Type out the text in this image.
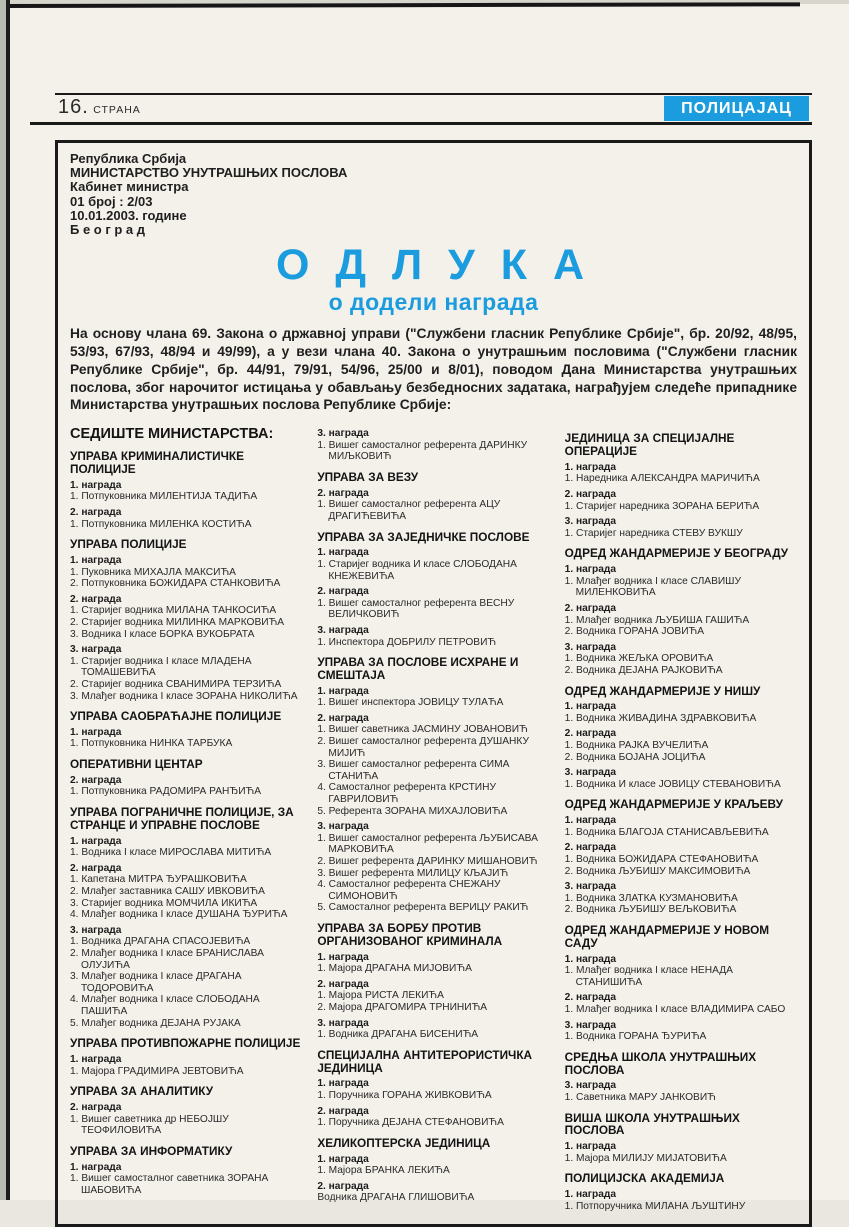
16. СТРАНА	ПОЛИЦАЈАЦ
Република Србија
МИНИСТАРСТВО УНУТРАШЊИХ ПОСЛОВА
Кабинет министра
01 број : 2/03
10.01.2003. године
Б е о г р а д
О Д Л У К А
о додели награда
На основу члана 69. Закона о државној управи ("Службени гласник Републике Србије", бр. 20/92, 48/95, 53/93, 67/93, 48/94 и 49/99), а у вези члана 40. Закона о унутрашњим пословима ("Службени гласник Републике Србије", бр. 44/91, 79/91, 54/96, 25/00 и 8/01), поводом Дана Министарства унутрашњих послова, због нарочитог истицања у обављању безбедносних задатака, награђујем следеће припаднике Министарства унутрашњих послова Републике Србије:
СЕДИШТЕ МИНИСТАРСТВА:
УПРАВА КРИМИНАЛИСТИЧКЕ ПОЛИЦИЈЕ
1. награда
1. Потпуковника МИЛЕНТИЈА ТАДИЋА
2. награда
1. Потпуковника МИЛЕНКА КОСТИЋА
УПРАВА ПОЛИЦИЈЕ
1. награда
1. Пуковника МИХАЈЛА МАКСИЋА
2. Потпуковника БОЖИДАРА СТАНКОВИЋА
2. награда
1. Старијег водника МИЛАНА ТАНКОСИЋА
2. Старијег водника МИЛИНКА МАРКОВИЋА
3. Водника I класе БОРКА ВУКОБРАТА
3. награда
1. Старијег водника I класе МЛАДЕНА ТОМАШЕВИЋА
2. Старијег водника СВАНИМИРА ТЕРЗИЋА
3. Млађег водника I класе ЗОРАНА НИКОЛИЋА
УПРАВА САОБРАЋАЈНЕ ПОЛИЦИЈЕ
1. награда
1. Потпуковника НИНКА ТАРБУКА
ОПЕРАТИВНИ ЦЕНТАР
2. награда
1. Потпуковника РАДОМИРА РАНЂИЋА
УПРАВА ПОГРАНИЧНЕ ПОЛИЦИЈЕ, ЗА СТРАНЦЕ И УПРАВНЕ ПОСЛОВЕ
1. награда
1. Водника I класе МИРОСЛАВА МИТИЋА
2. награда
1. Капетана МИТРА ЂУРАШКОВИЋА
2. Млађег заставника САШУ ИВКОВИЋА
3. Старијег водника МОМЧИЛА ИКИЋА
4. Млађег водника I класе ДУШАНА ЂУРИЋА
3. награда
1. Водника ДРАГАНА СПАСОЈЕВИЋА
2. Млађег водника I класе БРАНИСЛАВА ОЛУЈИЋА
3. Млађег водника I класе ДРАГАНА ТОДОРОВИЋА
4. Млађег водника I класе СЛОБОДАНА ПАШИЋА
5. Млађег водника ДЕЈАНА РУЈАКА
УПРАВА ПРОТИВПОЖАРНЕ ПОЛИЦИЈЕ
1. награда
1. Мајора ГРАДИМИРА ЈЕВТОВИЋА
УПРАВА ЗА АНАЛИТИКУ
2. награда
1. Вишег саветника др НЕБОЈШУ ТЕОФИЛОВИЋА
УПРАВА ЗА ИНФОРМАТИКУ
1. награда
1. Вишег самосталног саветника ЗОРАНА ШАБОВИЋА
3. награда
1. Вишег самосталног референта ДАРИНКУ МИЉКОВИЋ
УПРАВА ЗА ВЕЗУ
2. награда
1. Вишег самосталног референта АЦУ ДРАГИЋЕВИЋА
УПРАВА ЗА ЗАЈЕДНИЧКЕ ПОСЛОВЕ
1. награда
1. Старијег водника И класе СЛОБОДАНА КНЕЖЕВИЋА
2. награда
1. Вишег самосталног референта ВЕСНУ ВЕЛИЧКОВИЋ
3. награда
1. Инспектора ДОБРИЛУ ПЕТРОВИЋ
УПРАВА ЗА ПОСЛОВЕ ИСХРАНЕ И СМЕШТАЈА
1. награда
1. Вишег инспектора ЈОВИЦУ ТУЛАЋА
2. награда
1. Вишег саветника ЈАСМИНУ ЈОВАНОВИЋ
2. Вишег самосталног референта ДУШАНКУ МИЈИЋ
3. Вишег самосталног референта СИМА СТАНИЋА
4. Самосталног референта КРСТИНУ ГАВРИЛОВИЋ
5. Референта ЗОРАНА МИХАЈЛОВИЋА
3. награда
1. Вишег самосталног референта ЉУБИСАВА МАРКОВИЋА
2. Вишег референта ДАРИНКУ МИШАНОВИЋ
3. Вишег референта МИЛИЦУ КЉАЈИЋ
4. Самосталног референта СНЕЖАНУ СИМОНОВИЋ
5. Самосталног референта ВЕРИЦУ РАКИЋ
УПРАВА ЗА БОРБУ ПРОТИВ ОРГАНИЗОВАНОГ КРИМИНАЛА
1. награда
1. Мајора ДРАГАНА МИЈОВИЋА
2. награда
1. Мајора РИСТА ЛЕКИЋА
2. Мајора ДРАГОМИРА ТРНИНИЋА
3. награда
1. Водника ДРАГАНА БИСЕНИЋА
СПЕЦИЈАЛНА АНТИТЕРОРИСТИЧКА ЈЕДИНИЦА
1. награда
1. Поручника ГОРАНА ЖИВКОВИЋА
2. награда
1. Поручника ДЕЈАНА СТЕФАНОВИЋА
ХЕЛИКОПТЕРСКА ЈЕДИНИЦА
1. награда
1. Мајора БРАНКА ЛЕКИЋА
2. награда
Водника ДРАГАНА ГЛИШОВИЋА
ЈЕДИНИЦА ЗА СПЕЦИЈАЛНЕ ОПЕРАЦИЈЕ
1. награда
1. Наредника АЛЕКСАНДРА МАРИЧИЋА
2. награда
1. Старијег наредника ЗОРАНА БЕРИЋА
3. награда
1. Старијег наредника СТЕВУ ВУКШУ
ОДРЕД ЖАНДАРМЕРИЈЕ У БЕОГРАДУ
1. награда
1. Млађег водника I класе СЛАВИШУ МИЛЕНКОВИЋА
2. награда
1. Млађег водника ЉУБИША ГАШИЋА
2. Водника ГОРАНА ЈОВИЋА
3. награда
1. Водника ЖЕЉКА ОРОВИЋА
2. Водника ДЕЈАНА РАЈКОВИЋА
ОДРЕД ЖАНДАРМЕРИЈЕ У НИШУ
1. награда
1. Водника ЖИВАДИНА ЗДРАВКОВИЋА
2. награда
1. Водника РАЈКА ВУЧЕЛИЋА
2. Водника БОЈАНА ЈОЦИЋА
3. награда
1. Водника И класе ЈОВИЦУ СТЕВАНОВИЋА
ОДРЕД ЖАНДАРМЕРИЈЕ У КРАЉЕВУ
1. награда
1. Водника БЛАГОЈА СТАНИСАВЉЕВИЋА
2. награда
1. Водника БОЖИДАРА СТЕФАНОВИЋА
2. Водника ЉУБИШУ МАКСИМОВИЋА
3. награда
1. Водника ЗЛАТКА КУЗМАНОВИЋА
2. Водника ЉУБИШУ ВЕЉКОВИЋА
ОДРЕД ЖАНДАРМЕРИЈЕ У НОВОМ САДУ
1. награда
1. Млађег водника I класе НЕНАДА СТАНИШИЋА
2. награда
1. Млађег водника I класе ВЛАДИМИРА САБО
3. награда
1. Водника ГОРАНА ЂУРИЋА
СРЕДЊА ШКОЛА УНУТРАШЊИХ ПОСЛОВА
3. награда
1. Саветника МАРУ ЈАНКОВИЋ
ВИША ШКОЛА УНУТРАШЊИХ ПОСЛОВА
1. награда
1. Мајора МИЛИЈУ МИЈАТОВИЋА
ПОЛИЦИЈСКА АКАДЕМИЈА
1. награда
1. Потпоручника МИЛАНА ЉУШТИНУ
